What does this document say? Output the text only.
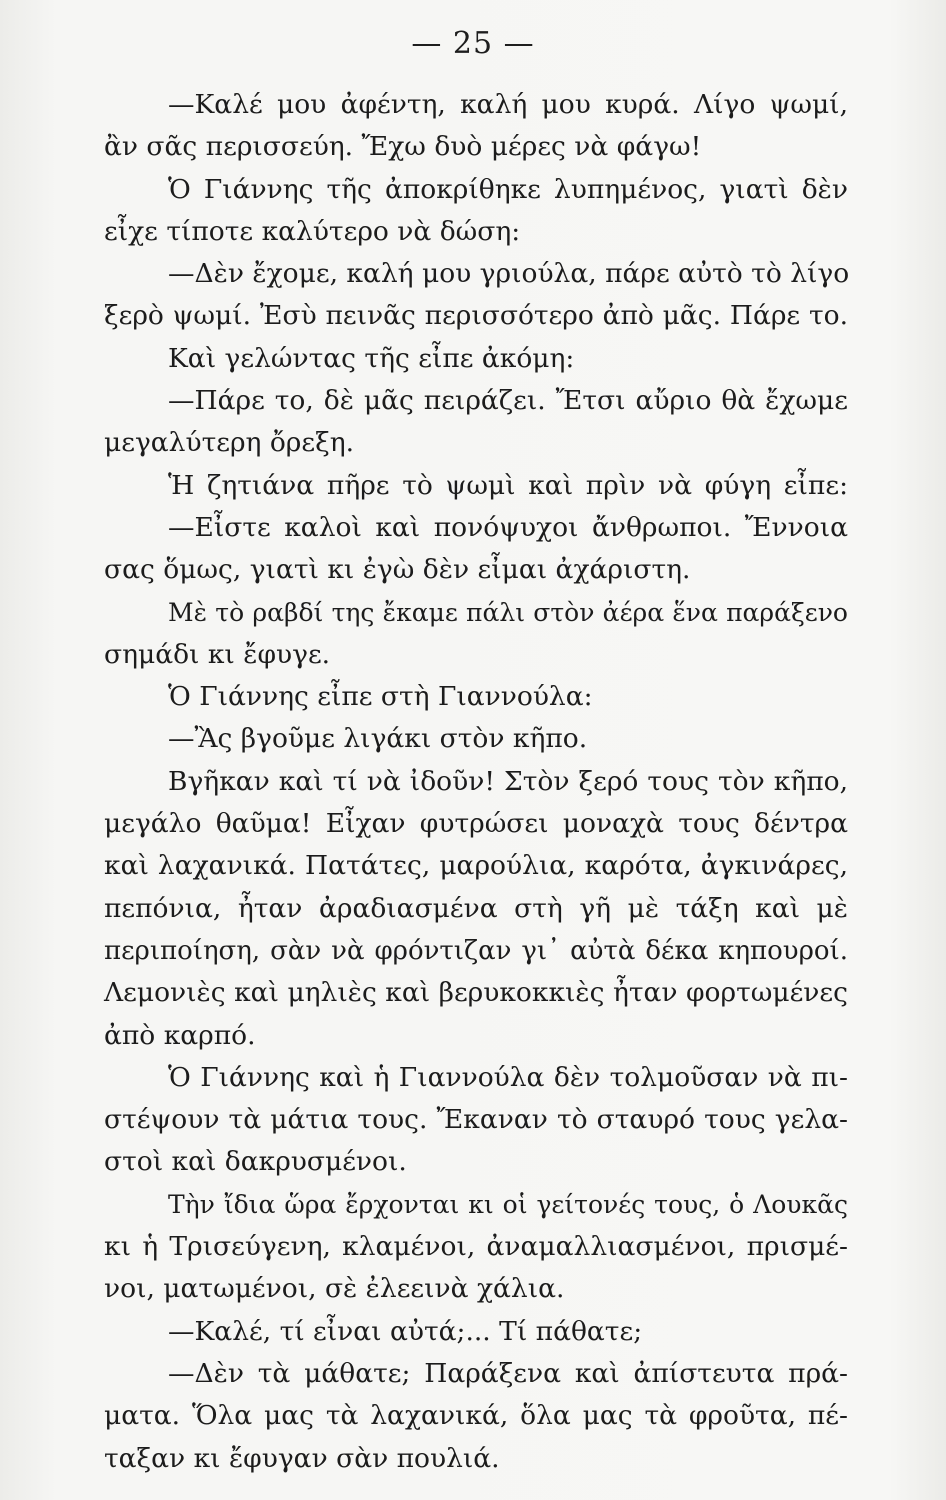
— 25 —
—Καλέ μου ἀφέντη, καλή μου κυρά. Λίγο ψωμί,
ἂν σᾶς περισσεύη. Ἔχω δυὸ μέρες νὰ φάγω!
Ὁ Γιάννης τῆς ἀποκρίθηκε λυπημένος, γιατὶ δὲν
εἶχε τίποτε καλύτερο νὰ δώση:
—Δὲν ἔχομε, καλή μου γριούλα, πάρε αὐτὸ τὸ λίγο
ξερὸ ψωμί. Ἐσὺ πεινᾶς περισσότερο ἀπὸ μᾶς. Πάρε το.
Καὶ γελώντας τῆς εἶπε ἀκόμη:
—Πάρε το, δὲ μᾶς πειράζει. Ἔτσι αὔριο θὰ ἔχωμε
μεγαλύτερη ὄρεξη.
Ἡ ζητιάνα πῆρε τὸ ψωμὶ καὶ πρὶν νὰ φύγη εἶπε:
—Εἶστε καλοὶ καὶ πονόψυχοι ἄνθρωποι. Ἔννοια
σας ὅμως, γιατὶ κι ἐγὼ δὲν εἶμαι ἀχάριστη.
Μὲ τὸ ραβδί της ἔκαμε πάλι στὸν ἀέρα ἕνα παράξενο
σημάδι κι ἔφυγε.
Ὁ Γιάννης εἶπε στὴ Γιαννούλα:
—Ἂς βγοῦμε λιγάκι στὸν κῆπο.
Βγῆκαν καὶ τί νὰ ἰδοῦν! Στὸν ξερό τους τὸν κῆπο,
μεγάλο θαῦμα! Εἶχαν φυτρώσει μοναχὰ τους δέντρα
καὶ λαχανικά. Πατάτες, μαρούλια, καρότα, ἀγκινάρες,
πεπόνια, ἦταν ἀραδιασμένα στὴ γῆ μὲ τάξη καὶ μὲ
περιποίηση, σὰν νὰ φρόντιζαν γι᾽ αὐτὰ δέκα κηπουροί.
Λεμονιὲς καὶ μηλιὲς καὶ βερυκοκκιὲς ἦταν φορτωμένες
ἀπὸ καρπό.
Ὁ Γιάννης καὶ ἡ Γιαννούλα δὲν τολμοῦσαν νὰ πι-
στέψουν τὰ μάτια τους. Ἔκαναν τὸ σταυρό τους γελα-
στοὶ καὶ δακρυσμένοι.
Τὴν ἴδια ὥρα ἔρχονται κι οἱ γείτονές τους, ὁ Λουκᾶς
κι ἡ Τρισεύγενη, κλαμένοι, ἀναμαλλιασμένοι, πρισμέ-
νοι, ματωμένοι, σὲ ἐλεεινὰ χάλια.
—Καλέ, τί εἶναι αὐτά;... Τί πάθατε;
—Δὲν τὰ μάθατε; Παράξενα καὶ ἀπίστευτα πρά-
ματα. Ὅλα μας τὰ λαχανικά, ὅλα μας τὰ φροῦτα, πέ-
ταξαν κι ἔφυγαν σὰν πουλιά.
